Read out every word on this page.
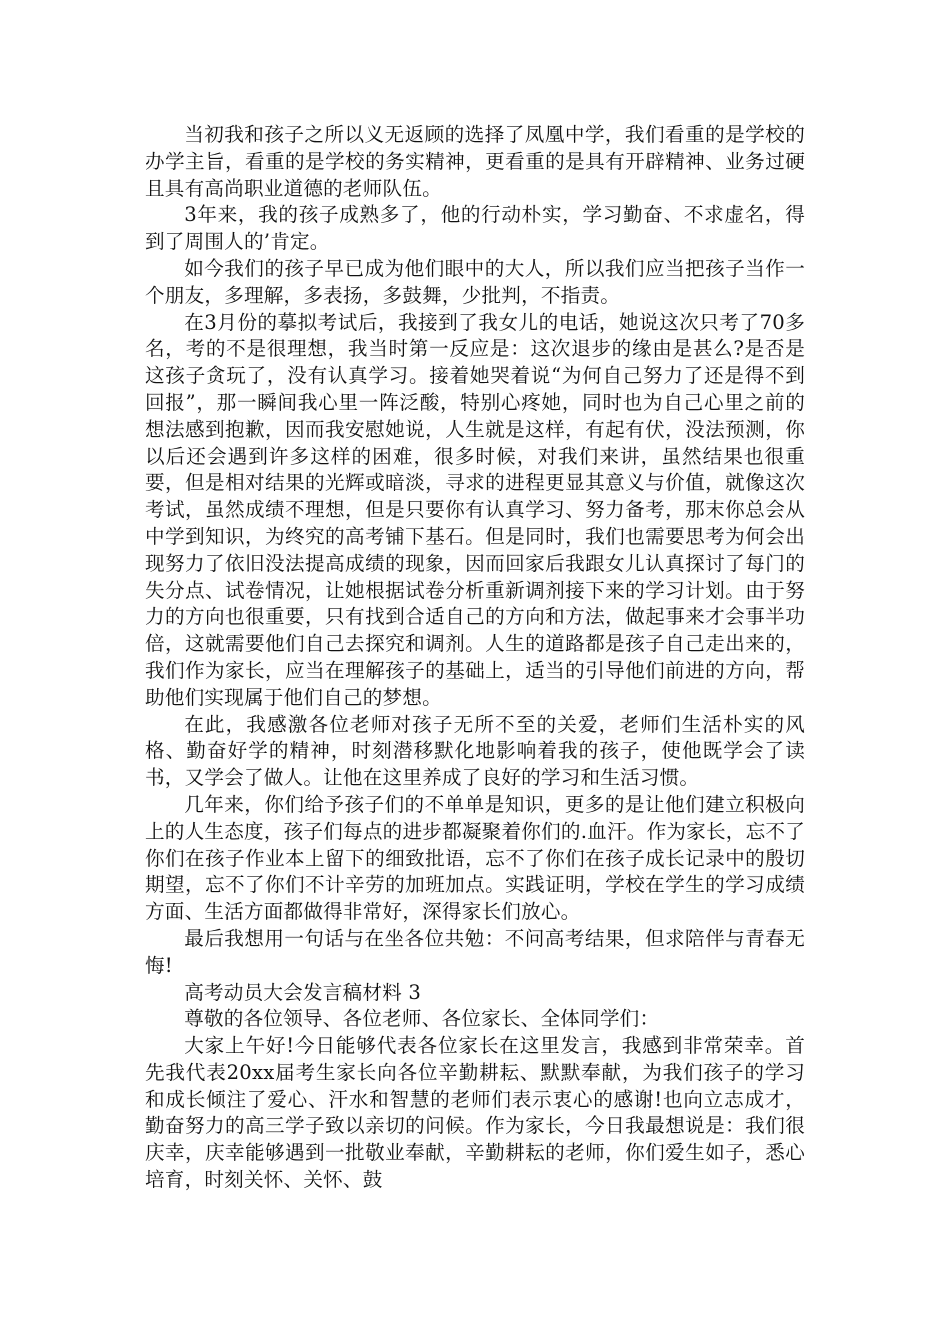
当初我和孩子之所以义无返顾的选择了凤凰中学，我们看重的是学校的办学主旨，看重的是学校的务实精神，更看重的是具有开辟精神、业务过硬且具有高尚职业道德的老师队伍。

3年来，我的孩子成熟多了，他的行动朴实，学习勤奋、不求虚名，得到了周围人的’肯定。

如今我们的孩子早已成为他们眼中的大人，所以我们应当把孩子当作一个朋友，多理解，多表扬，多鼓舞，少批判，不指责。

在3月份的摹拟考试后，我接到了我女儿的电话，她说这次只考了70多名，考的不是很理想，我当时第一反应是：这次退步的缘由是甚么?是否是这孩子贪玩了，没有认真学习。接着她哭着说“为何自己努力了还是得不到回报”，那一瞬间我心里一阵泛酸，特别心疼她，同时也为自己心里之前的想法感到抱歉，因而我安慰她说，人生就是这样，有起有伏，没法预测，你以后还会遇到许多这样的困难，很多时候，对我们来讲，虽然结果也很重要，但是相对结果的光辉或暗淡，寻求的进程更显其意义与价值，就像这次考试，虽然成绩不理想，但是只要你有认真学习、努力备考，那末你总会从中学到知识，为终究的高考铺下基石。但是同时，我们也需要思考为何会出现努力了依旧没法提高成绩的现象，因而回家后我跟女儿认真探讨了每门的失分点、试卷情况，让她根据试卷分析重新调剂接下来的学习计划。由于努力的方向也很重要，只有找到合适自己的方向和方法，做起事来才会事半功倍，这就需要他们自己去探究和调剂。人生的道路都是孩子自己走出来的，我们作为家长，应当在理解孩子的基础上，适当的引导他们前进的方向，帮助他们实现属于他们自己的梦想。

在此，我感激各位老师对孩子无所不至的关爱，老师们生活朴实的风格、勤奋好学的精神，时刻潜移默化地影响着我的孩子，使他既学会了读书，又学会了做人。让他在这里养成了良好的学习和生活习惯。

几年来，你们给予孩子们的不单单是知识，更多的是让他们建立积极向上的人生态度，孩子们每点的进步都凝聚着你们的.血汗。作为家长，忘不了你们在孩子作业本上留下的细致批语，忘不了你们在孩子成长记录中的殷切期望，忘不了你们不计辛劳的加班加点。实践证明，学校在学生的学习成绩方面、生活方面都做得非常好，深得家长们放心。

最后我想用一句话与在坐各位共勉：不问高考结果，但求陪伴与青春无悔!

高考动员大会发言稿材料 3

尊敬的各位领导、各位老师、各位家长、全体同学们：

大家上午好!今日能够代表各位家长在这里发言，我感到非常荣幸。首先我代表20xx届考生家长向各位辛勤耕耘、默默奉献，为我们孩子的学习和成长倾注了爱心、汗水和智慧的老师们表示衷心的感谢!也向立志成才，勤奋努力的高三学子致以亲切的问候。作为家长，今日我最想说是：我们很庆幸，庆幸能够遇到一批敬业奉献，辛勤耕耘的老师，你们爱生如子，悉心培育，时刻关怀、关怀、鼓
